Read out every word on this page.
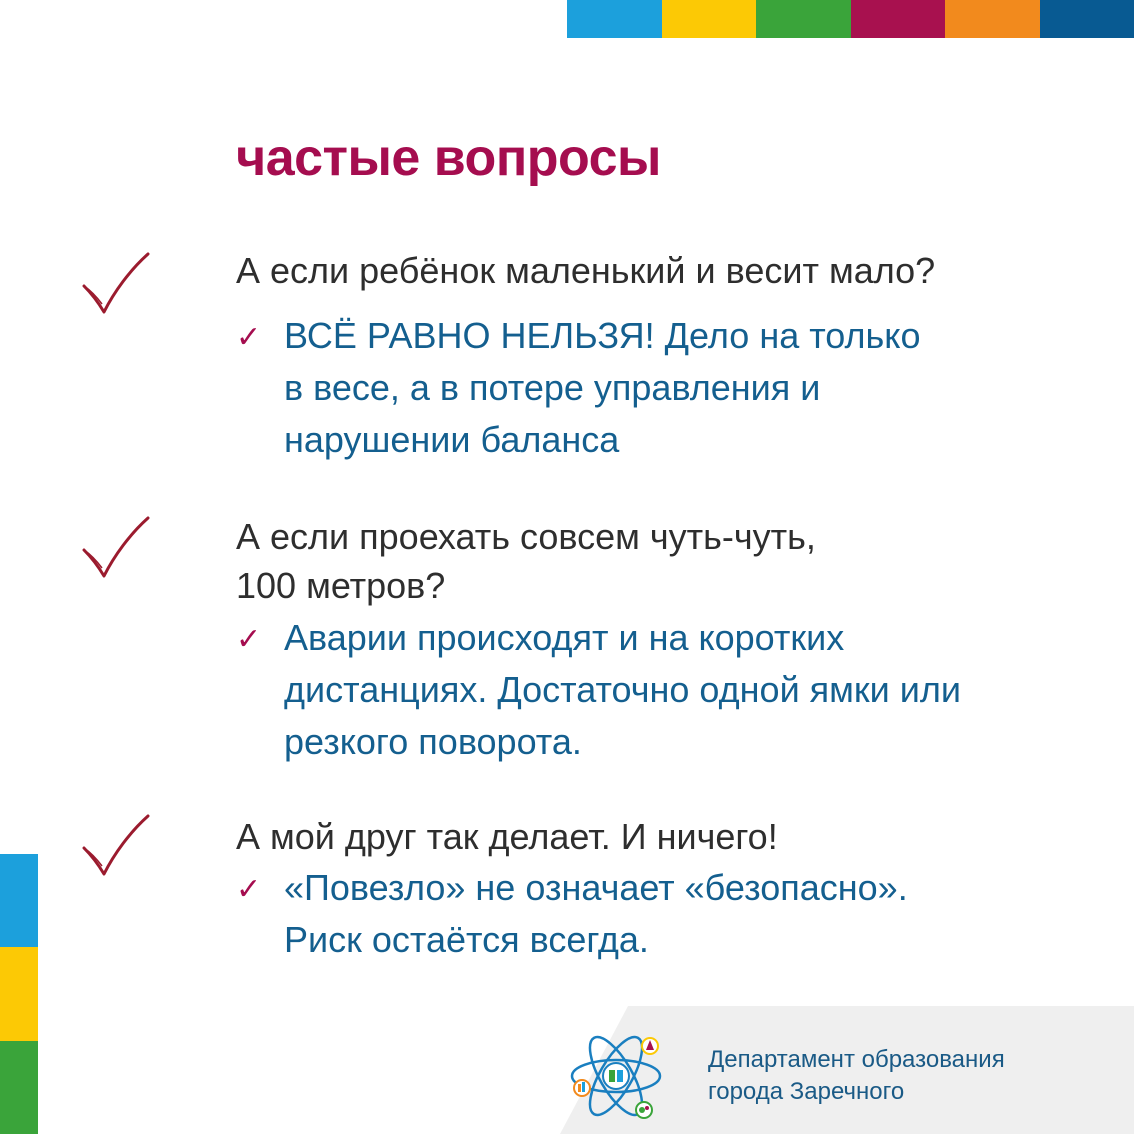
частые вопросы
А если ребёнок маленький и весит мало?
✓ ВСЁ РАВНО НЕЛЬЗЯ! Дело на только
в весе, а в потере управления и
нарушении баланса
А если проехать совсем чуть-чуть,
100 метров?
✓ Аварии происходят и на коротких
дистанциях. Достаточно одной ямки или
резкого поворота.
А мой друг так делает. И ничего!
✓ «Повезло» не означает «безопасно».
Риск остаётся всегда.
Департамент образования
города Заречного
